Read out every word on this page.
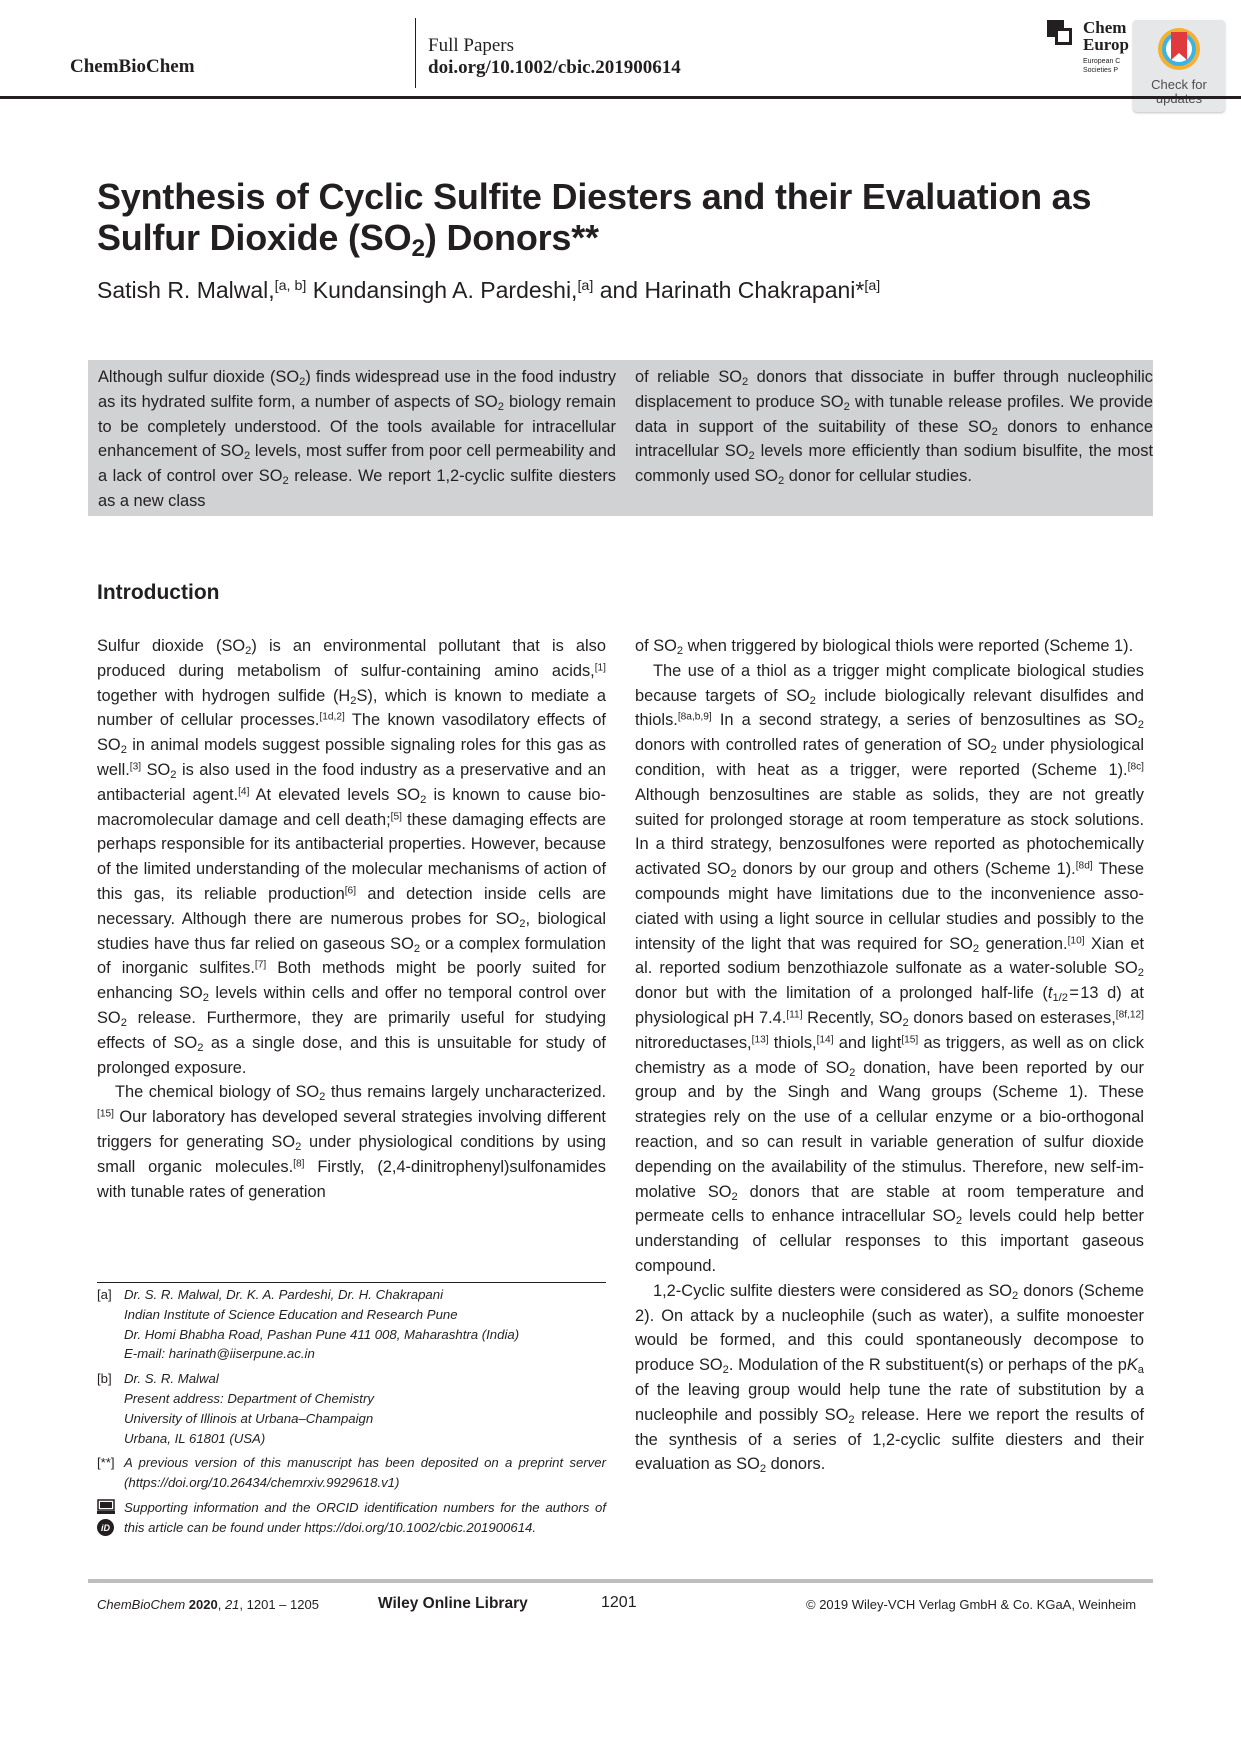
ChemBioChem
Full Papers
doi.org/10.1002/cbic.201900614
Chem
Europ
European C
Societies P
Check for
Synthesis of Cyclic Sulfite Diesters and their Evaluation as
Sulfur Dioxide $(SO_2)$ Donors**
Satish R. Malwal,[a, b] Kundansingh A. Pardeshi,[a] and Harinath Chakrapani*[a]
Although sulfur dioxide $(SO_2)$ finds widespread use in the food industry as its hydrated sulfite form, a number of aspects of $SO_2$ biology remain to be completely understood. Of the tools available for intracellular enhancement of $SO_2$ levels, most suffer from poor cell permeability and a lack of control over $SO_2$ release. We report 1,2-cyclic sulfite diesters as a new class
of reliable $SO_2$ donors that dissociate in buffer through nucleophilic displacement to produce $SO_2$ with tunable release profiles. We provide data in support of the suitability of these $SO_2$ donors to enhance intracellular $SO_2$ levels more efficiently than sodium bisulfite, the most commonly used $SO_2$ donor for cellular studies.
Introduction

Sulfur dioxide $(SO_2)$ is an environmental pollutant that is also produced during metabolism of sulfur-containing amino acids,[1] together with hydrogen sulfide $(H_2S)$, which is known to mediate a number of cellular processes.[1d,2] The known vasodilatory effects of $SO_2$ in animal models suggest possible signaling roles for this gas as well.[3] $SO_2$ is also used in the food industry as a preservative and an antibacterial agent.[4] At elevated levels $SO_2$ is known to cause bio-macromolecular damage and cell death;[5] these damaging effects are perhaps responsible for its antibacterial properties. However, because of the limited understanding of the molecular mechanisms of action of this gas, its reliable production[6] and detection inside cells are necessary. Although there are numerous probes for $SO_2$, biological studies have thus far relied on gaseous $SO_2$ or a complex formulation of inorganic sulfites.[7] Both methods might be poorly suited for enhancing $SO_2$ levels within cells and offer no temporal control over $SO_2$ release. Furthermore, they are primarily useful for studying effects of $SO_2$ as a single dose, and this is unsuitable for study of prolonged exposure.

The chemical biology of $SO_2$ thus remains largely uncharacterized.[15] Our laboratory has developed several strategies involving different triggers for generating $SO_2$ under physiological conditions by using small organic molecules.[8] Firstly, (2,4-dinitrophenyl)sulfonamides with tunable rates of generation

of $SO_2$ when triggered by biological thiols were reported (Scheme 1).

The use of a thiol as a trigger might complicate biological studies because targets of $SO_2$ include biologically relevant disulfides and thiols.[8a,b,9] In a second strategy, a series of benzosultines as $SO_2$ donors with controlled rates of generation of $SO_2$ under physiological condition, with heat as a trigger, were reported (Scheme 1).[8c] Although benzosultines are stable as solids, they are not greatly suited for prolonged storage at room temperature as stock solutions. In a third strategy, benzosulfones were reported as photochemically activated $SO_2$ donors by our group and others (Scheme 1).[8d] These compounds might have limitations due to the inconvenience associated with using a light source in cellular studies and possibly to the intensity of the light that was required for $SO_2$ generation.[10] Xian et al. reported sodium benzothiazole sulfonate as a water-soluble $SO_2$ donor but with the limitation of a prolonged half-life ($t_{1/2}$ = 13 d) at physiological pH 7.4.[11] Recently, $SO_2$ donors based on esterases,[8f,12] nitroreductases,[13] thiols,[14] and light[15] as triggers, as well as on click chemistry as a mode of $SO_2$ donation, have been reported by our group and by the Singh and Wang groups (Scheme 1). These strategies rely on the use of a cellular enzyme or a bio-orthogonal reaction, and so can result in variable generation of sulfur dioxide depending on the availability of the stimulus. Therefore, new self-immolative $SO_2$ donors that are stable at room temperature and permeate cells to enhance intracellular $SO_2$ levels could help better understanding of cellular responses to this important gaseous compound.

1,2-Cyclic sulfite diesters were considered as $SO_2$ donors (Scheme 2). On attack by a nucleophile (such as water), a sulfite monoester would be formed, and this could spontaneously decompose to produce $SO_2$. Modulation of the R substituent(s) or perhaps of the $pK_a$ of the leaving group would help tune the rate of substitution by a nucleophile and possibly $SO_2$ release. Here we report the results of the synthesis of a series of 1,2-cyclic sulfite diesters and their evaluation as $SO_2$ donors.

[a] Dr. S. R. Malwal, Dr. K. A. Pardeshi, Dr. H. Chakrapani
Indian Institute of Science Education and Research Pune
Dr. Homi Bhabha Road, Pashan Pune 411 008, Maharashtra (India)
E-mail: harinath@iiserpune.ac.in
[b] Dr. S. R. Malwal
Present address: Department of Chemistry
University of Illinois at Urbana–Champaign
Urbana, IL 61801 (USA)
[**] A previous version of this manuscript has been deposited on a preprint server (https://doi.org/10.26434/chemrxiv.9929618.v1)
iD
Supporting information and the ORCID identification numbers for the authors of this article can be found under https://doi.org/10.1002/cbic.201900614.
ChemBioChem 2020, 21, 1201 – 1205	Wiley Online Library	1201	© 2019 Wiley-VCH Verlag GmbH & Co. KGaA, Weinheim
